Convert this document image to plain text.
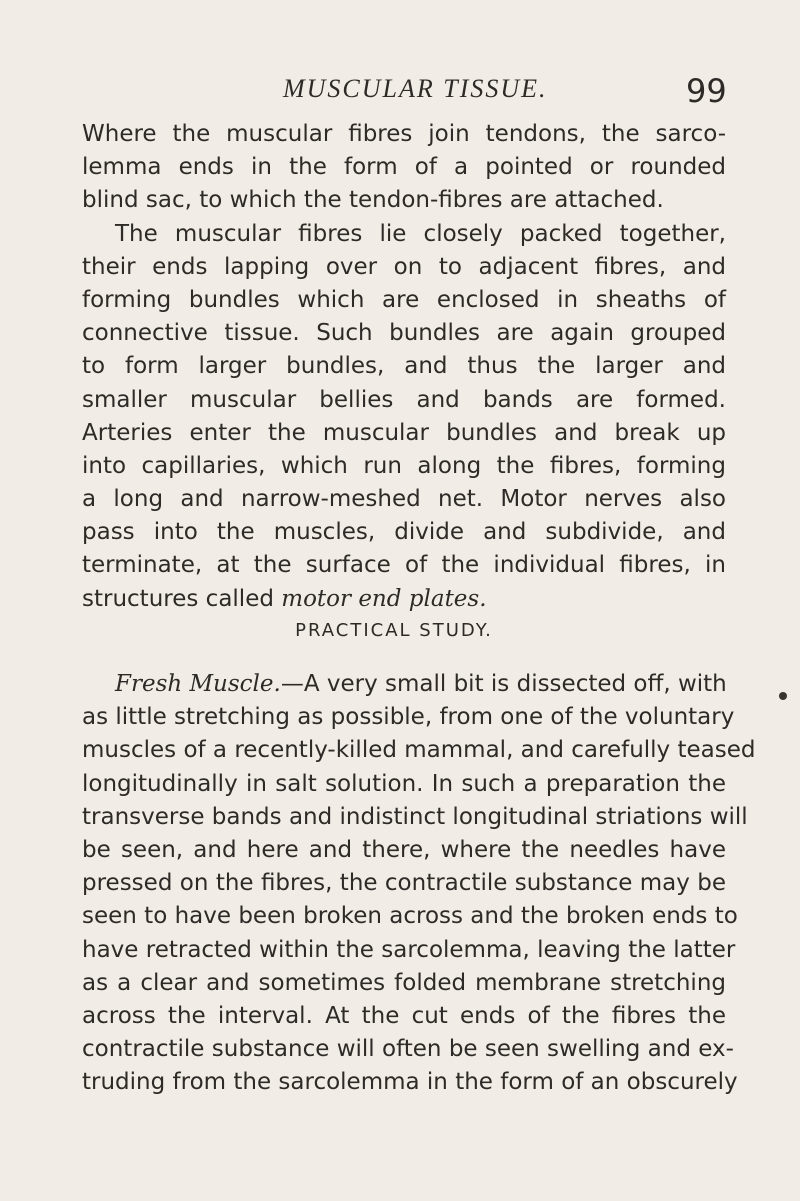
MUSCULAR TISSUE.	99
Where the muscular fibres join tendons, the sarco-
lemma ends in the form of a pointed or rounded
blind sac, to which the tendon-fibres are attached.
The muscular fibres lie closely packed together,
their ends lapping over on to adjacent fibres, and
forming bundles which are enclosed in sheaths of
connective tissue. Such bundles are again grouped
to form larger bundles, and thus the larger and
smaller muscular bellies and bands are formed.
Arteries enter the muscular bundles and break up
into capillaries, which run along the fibres, forming
a long and narrow-meshed net. Motor nerves also
pass into the muscles, divide and subdivide, and
terminate, at the surface of the individual fibres, in
structures called motor end plates.
PRACTICAL STUDY.
Fresh Muscle.—A very small bit is dissected off, with
as little stretching as possible, from one of the voluntary
muscles of a recently-killed mammal, and carefully teased
longitudinally in salt solution. In such a preparation the
transverse bands and indistinct longitudinal striations will
be seen, and here and there, where the needles have
pressed on the fibres, the contractile substance may be
seen to have been broken across and the broken ends to
have retracted within the sarcolemma, leaving the latter
as a clear and sometimes folded membrane stretching
across the interval. At the cut ends of the fibres the
contractile substance will often be seen swelling and ex-
truding from the sarcolemma in the form of an obscurely
